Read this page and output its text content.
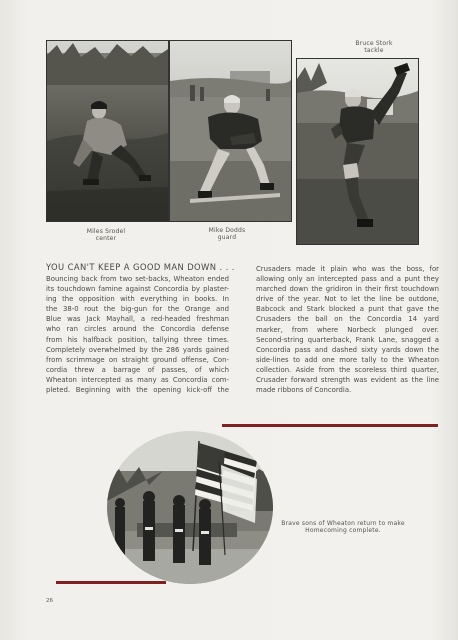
Bruce Stork
tackle
Miles Srodel
center
Mike Dodds
guard
YOU CAN'T KEEP A GOOD MAN DOWN . . .
Bouncing back from two set-backs, Wheaton ended
its touchdown famine against Concordia by plaster-
ing the opposition with everything in books. In
the 38-0 rout the big-gun for the Orange and
Blue was Jack Mayhall, a red-headed freshman
who ran circles around the Concordia defense
from his halfback position, tallying three times.
Completely overwhelmed by the 286 yards gained
from scrimmage on straight ground offense, Con-
cordia threw a barrage of passes, of which
Wheaton intercepted as many as Concordia com-
pleted. Beginning with the opening kick-off the
Crusaders made it plain who was the boss, for
allowing only an intercepted pass and a punt they
marched down the gridiron in their first touchdown
drive of the year. Not to let the line be outdone,
Babcock and Stark blocked a punt that gave the
Crusaders the ball on the Concordia 14 yard
marker, from where Norbeck plunged over.
Second-string quarterback, Frank Lane, snagged a
Concordia pass and dashed sixty yards down the
side-lines to add one more tally to the Wheaton
collection. Aside from the scoreless third quarter,
Crusader forward strength was evident as the line
made ribbons of Concordia.
Brave sons of Wheaton return to make
Homecoming complete.
26
